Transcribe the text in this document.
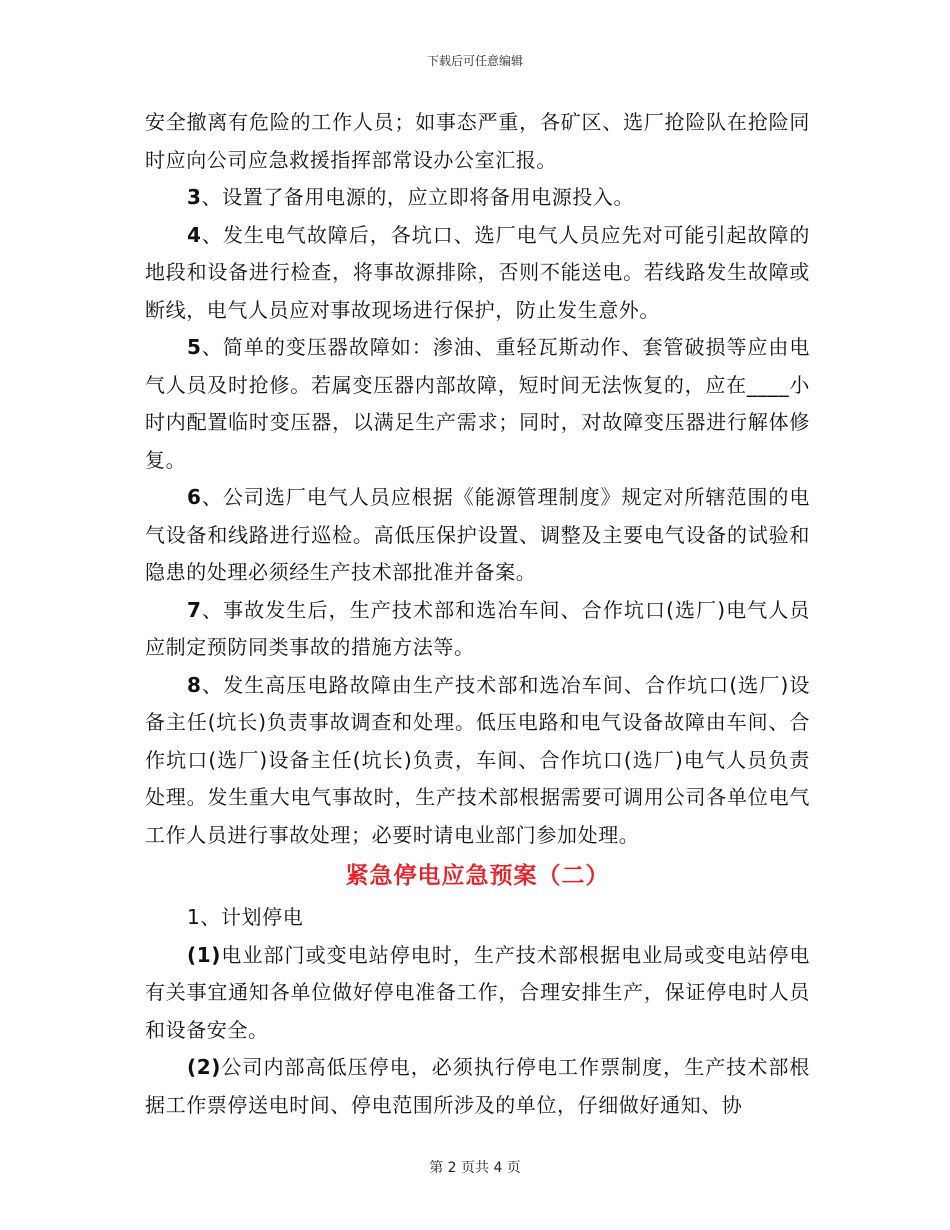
下载后可任意编辑

安全撤离有危险的工作人员；如事态严重，各矿区、选厂抢险队在抢险同时应向公司应急救援指挥部常设办公室汇报。

3、设置了备用电源的，应立即将备用电源投入。

4、发生电气故障后，各坑口、选厂电气人员应先对可能引起故障的地段和设备进行检查，将事故源排除，否则不能送电。若线路发生故障或断线，电气人员应对事故现场进行保护，防止发生意外。

5、简单的变压器故障如：渗油、重轻瓦斯动作、套管破损等应由电气人员及时抢修。若属变压器内部故障，短时间无法恢复的，应在____小时内配置临时变压器，以满足生产需求；同时，对故障变压器进行解体修复。

6、公司选厂电气人员应根据《能源管理制度》规定对所辖范围的电气设备和线路进行巡检。高低压保护设置、调整及主要电气设备的试验和隐患的处理必须经生产技术部批准并备案。

7、事故发生后，生产技术部和选冶车间、合作坑口(选厂)电气人员应制定预防同类事故的措施方法等。

8、发生高压电路故障由生产技术部和选冶车间、合作坑口(选厂)设备主任(坑长)负责事故调查和处理。低压电路和电气设备故障由车间、合作坑口(选厂)设备主任(坑长)负责，车间、合作坑口(选厂)电气人员负责处理。发生重大电气事故时，生产技术部根据需要可调用公司各单位电气工作人员进行事故处理；必要时请电业部门参加处理。

紧急停电应急预案（二）

1、计划停电

(1)电业部门或变电站停电时，生产技术部根据电业局或变电站停电有关事宜通知各单位做好停电准备工作，合理安排生产，保证停电时人员和设备安全。

(2)公司内部高低压停电，必须执行停电工作票制度，生产技术部根据工作票停送电时间、停电范围所涉及的单位，仔细做好通知、协

第 2 页共 4 页
